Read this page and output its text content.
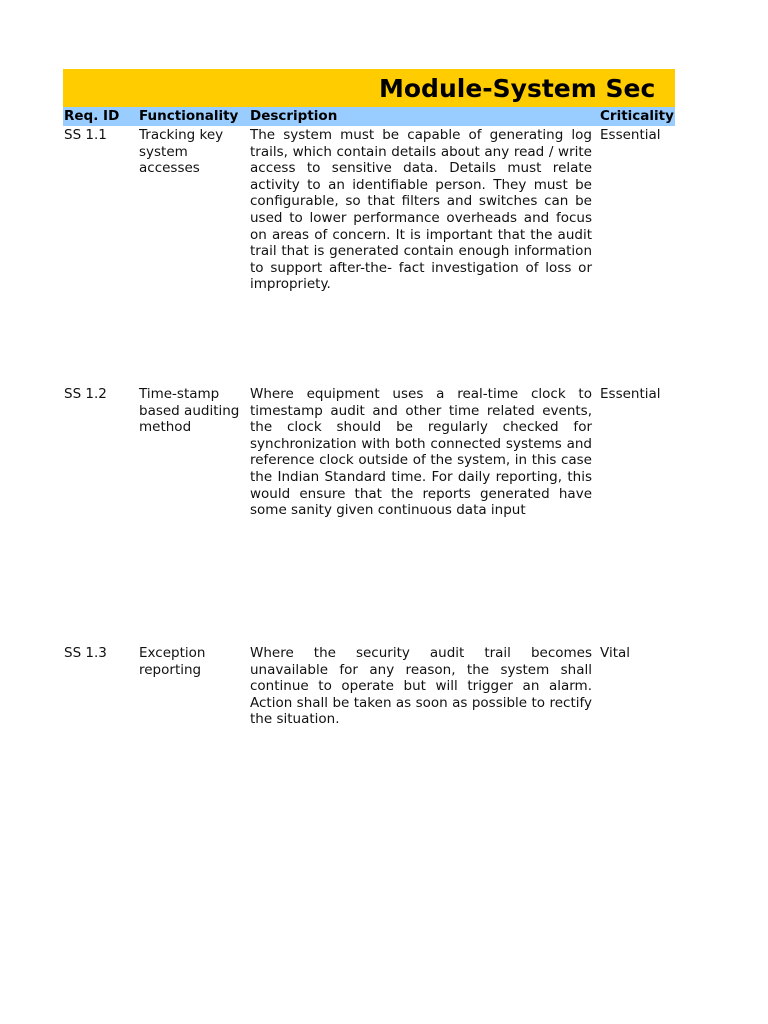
Module-System Sec
Req. ID Functionality Description	Criticality
SS 1.1 Tracking key system accesses
The system must be capable of generating log trails, which contain details about any read / write access to sensitive data. Details must relate activity to an identifiable person. They must be configurable, so that filters and switches can be used to lower performance overheads and focus on areas of concern. It is important that the audit trail that is generated contain enough information to support after-the- fact investigation of loss or impropriety.
Essential
SS 1.2 Time-stamp based auditing method
Where equipment uses a real-time clock to timestamp audit and other time related events, the clock should be regularly checked for synchronization with both connected systems and reference clock outside of the system, in this case the Indian Standard time. For daily reporting, this would ensure that the reports generated have some sanity given continuous data input
Essential
SS 1.3 Exception reporting
Where the security audit trail becomes unavailable for any reason, the system shall continue to operate but will trigger an alarm. Action shall be taken as soon as possible to rectify the situation.
Vital
